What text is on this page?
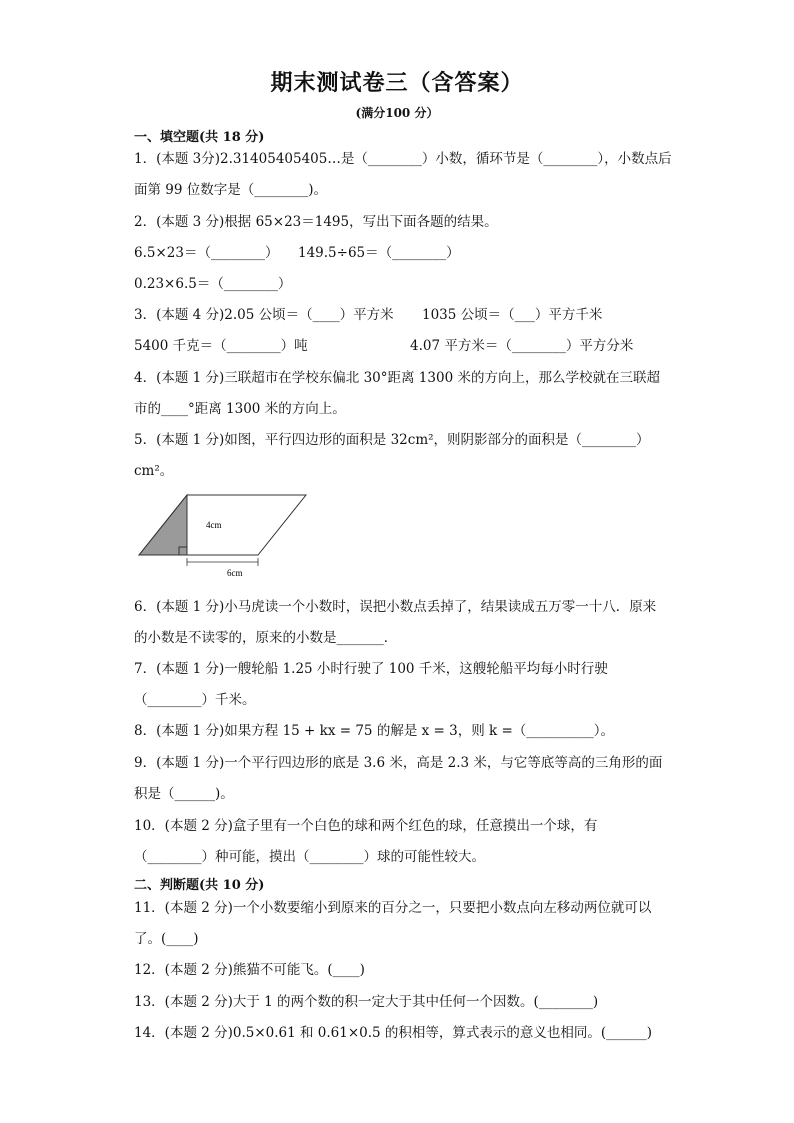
期末测试卷三（含答案）
(满分100 分）
一、填空题(共 18 分)
1．(本题 3分)2.31405405405…是（________）小数，循环节是（________），小数点后
面第 99 位数字是（________)。
2．(本题 3 分)根据 65×23＝1495，写出下面各题的结果。
6.5×23＝（________） 149.5÷65＝（________）
0.23×6.5＝（________）
3．(本题 4 分)2.05 公顷＝（____）平方米 1035 公顷＝（___）平方千米
5400 千克＝（________）吨	4.07 平方米＝（________）平方分米
4．(本题 1 分)三联超市在学校东偏北 30°距离 1300 米的方向上，那么学校就在三联超
市的____°距离 1300 米的方向上。
5．(本题 1 分)如图，平行四边形的面积是 32cm²，则阴影部分的面积是（________）
cm²。
4cm
6cm
6．(本题 1 分)小马虎读一个小数时，误把小数点丢掉了，结果读成五万零一十八．原来
的小数是不读零的，原来的小数是_______．
7．(本题 1 分)一艘轮船 1.25 小时行驶了 100 千米，这艘轮船平均每小时行驶
（________）千米。
8．(本题 1 分)如果方程 15 + kx = 75 的解是 x = 3，则 k =（__________）。
9．(本题 1 分)一个平行四边形的底是 3.6 米，高是 2.3 米，与它等底等高的三角形的面
积是（______)。
10．(本题 2 分)盒子里有一个白色的球和两个红色的球，任意摸出一个球，有
（________）种可能，摸出（________）球的可能性较大。
二、判断题(共 10 分)
11．(本题 2 分)一个小数要缩小到原来的百分之一，只要把小数点向左移动两位就可以
了。(____)
12．(本题 2 分)熊猫不可能飞。(____)
13．(本题 2 分)大于 1 的两个数的积一定大于其中任何一个因数。(________)
14．(本题 2 分)0.5×0.61 和 0.61×0.5 的积相等，算式表示的意义也相同。(______)
